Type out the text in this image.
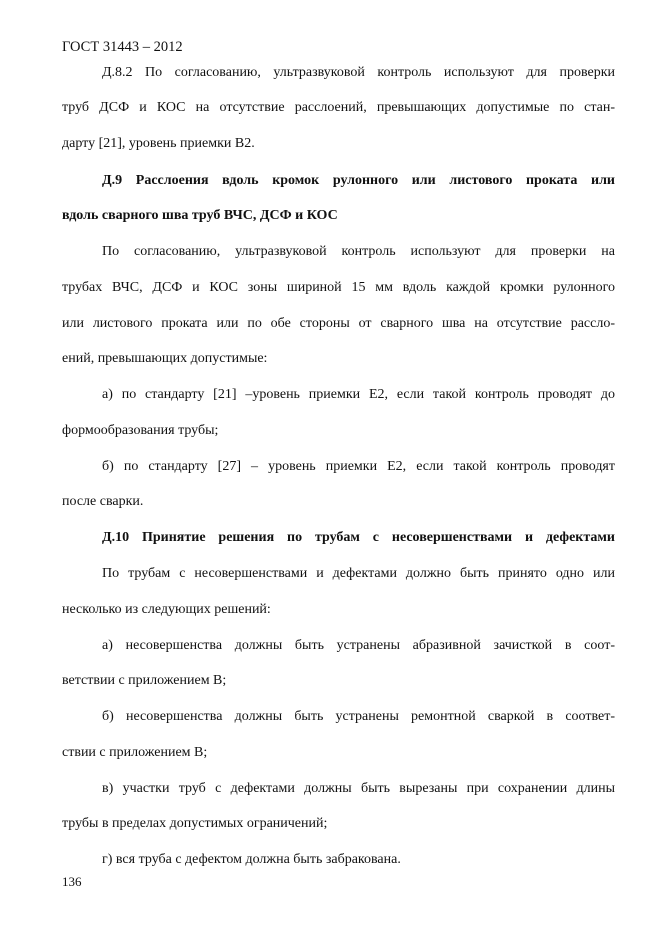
ГОСТ 31443 – 2012
Д.8.2 По согласованию, ультразвуковой контроль используют для проверки
труб ДСФ и КОС на отсутствие расслоений, превышающих допустимые по стан-
дарту [21], уровень приемки В2.
Д.9 Расслоения вдоль кромок рулонного или листового проката или
вдоль сварного шва труб ВЧС, ДСФ и КОС
По согласованию, ультразвуковой контроль используют для проверки на
трубах ВЧС, ДСФ и КОС зоны шириной 15 мм вдоль каждой кромки рулонного
или листового проката или по обе стороны от сварного шва на отсутствие рассло-
ений, превышающих допустимые:
а) по стандарту [21] –уровень приемки Е2, если такой контроль проводят до
формообразования трубы;
б) по стандарту [27] – уровень приемки Е2, если такой контроль проводят
после сварки.
Д.10 Принятие решения по трубам с несовершенствами и дефектами
По трубам с несовершенствами и дефектами должно быть принято одно или
несколько из следующих решений:
а) несовершенства должны быть устранены абразивной зачисткой в соот-
ветствии с приложением В;
б) несовершенства должны быть устранены ремонтной сваркой в соответ-
ствии с приложением В;
в) участки труб с дефектами должны быть вырезаны при сохранении длины
трубы в пределах допустимых ограничений;
г) вся труба с дефектом должна быть забракована.
136
